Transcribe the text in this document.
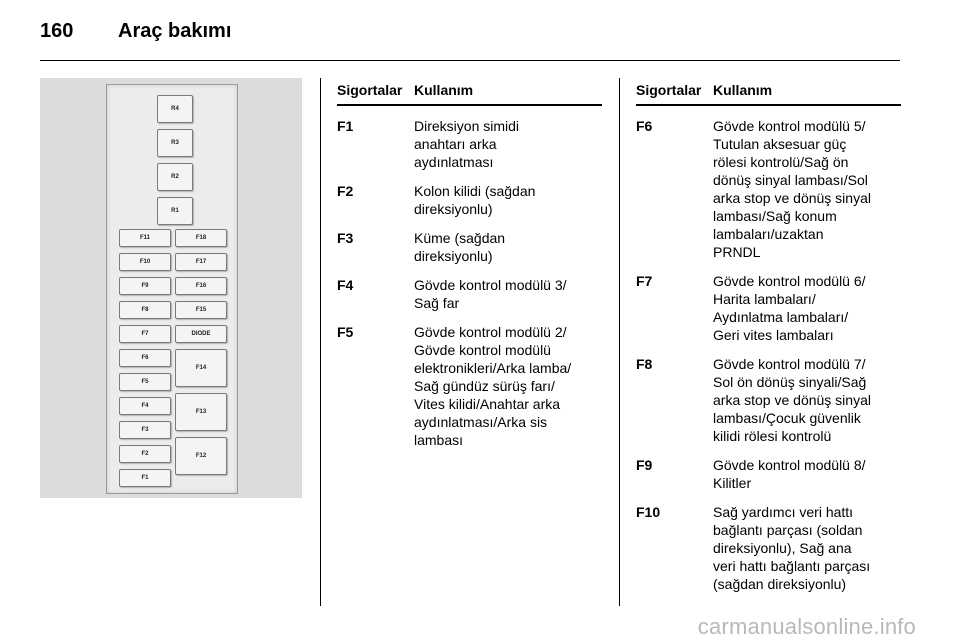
160 Araç bakımı
R4
R3
R2
R1
F11	F18
F10	F17
F9	F16
F8	F15
F7	DIODE
F6
F14
F5
F4
F13
F3
F2	F12
F1
Sigortalar Kullanım
F1	Direksiyon simidi
anahtarı arka
aydınlatması
F2	Kolon kilidi (sağdan
direksiyonlu)
F3	Küme (sağdan
direksiyonlu)
F4	Gövde kontrol modülü 3/
Sağ far
F5	Gövde kontrol modülü 2/
Gövde kontrol modülü
elektronikleri/Arka lamba/
Sağ gündüz sürüş farı/
Vites kilidi/Anahtar arka
aydınlatması/Arka sis
lambası
Sigortalar Kullanım
F6	Gövde kontrol modülü 5/
Tutulan aksesuar güç
rölesi kontrolü/Sağ ön
dönüş sinyal lambası/Sol
arka stop ve dönüş sinyal
lambası/Sağ konum
lambaları/uzaktan
PRNDL
F7	Gövde kontrol modülü 6/
Harita lambaları/
Aydınlatma lambaları/
Geri vites lambaları
F8	Gövde kontrol modülü 7/
Sol ön dönüş sinyali/Sağ
arka stop ve dönüş sinyal
lambası/Çocuk güvenlik
kilidi rölesi kontrolü
F9	Gövde kontrol modülü 8/
Kilitler
F10	Sağ yardımcı veri hattı
bağlantı parçası (soldan
direksiyonlu), Sağ ana
veri hattı bağlantı parçası
(sağdan direksiyonlu)
carmanualsonline.info
